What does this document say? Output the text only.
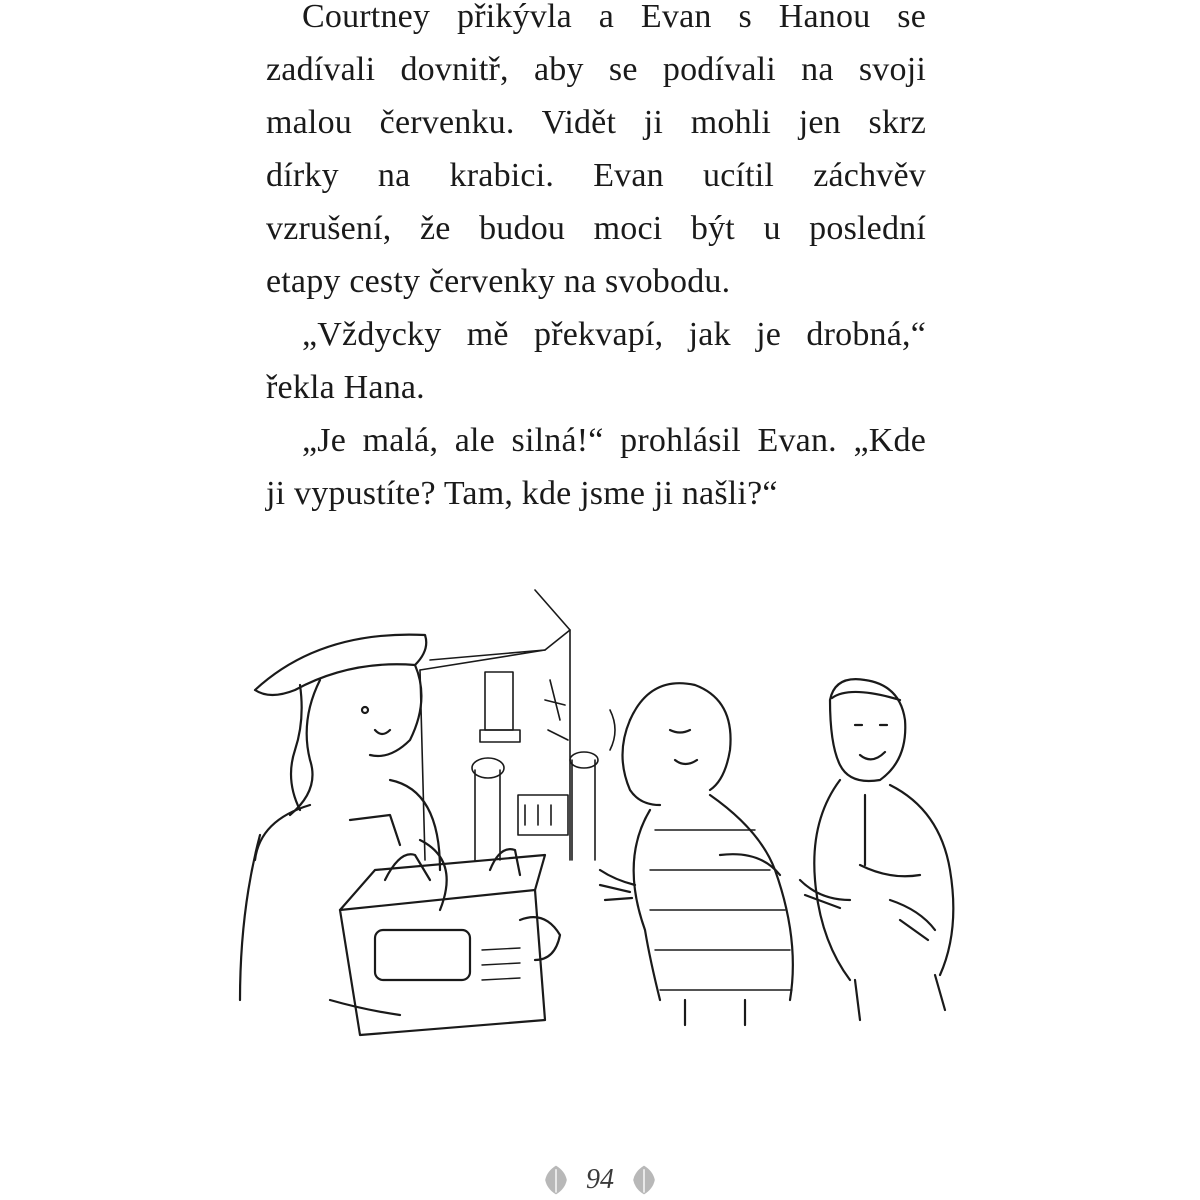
Courtney přikývla a Evan s Hanou se
zadívali dovnitř, aby se podívali na svoji
malou červenku. Vidět ji mohli jen skrz
dírky na krabici. Evan ucítil záchvěv
vzrušení, že budou moci být u poslední
etapy cesty červenky na svobodu.
„Vždycky mě překvapí, jak je drobná,“
řekla Hana.
„Je malá, ale silná!“ prohlásil Evan. „Kde
ji vypustíte? Tam, kde jsme ji našli?“
94
